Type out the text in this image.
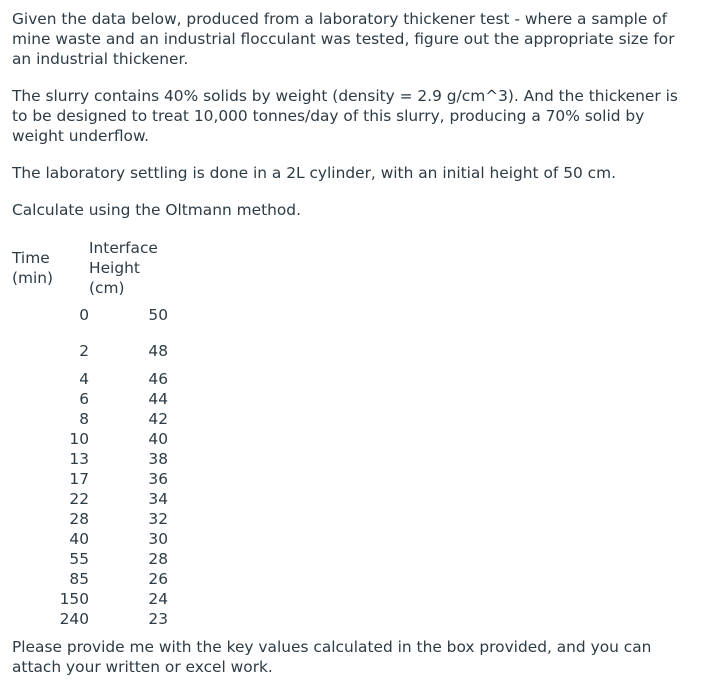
Given the data below, produced from a laboratory thickener test - where a sample of mine waste and an industrial flocculant was tested, figure out the appropriate size for an industrial thickener.

The slurry contains 40% solids by weight (density = 2.9 g/cm^3). And the thickener is to be designed to treat 10,000 tonnes/day of this slurry, producing a 70% solid by weight underflow.

The laboratory settling is done in a 2L cylinder, with an initial height of 50 cm.

Calculate using the Oltmann method.

Time
(min)
Interface
Height
(cm)
0	50
2	48
4	46
6	44
8	42
10	40
13	38
17	36
22	34
28	32
40	30
55	28
85	26
150	24
240	23

Please provide me with the key values calculated in the box provided, and you can attach your written or excel work.
